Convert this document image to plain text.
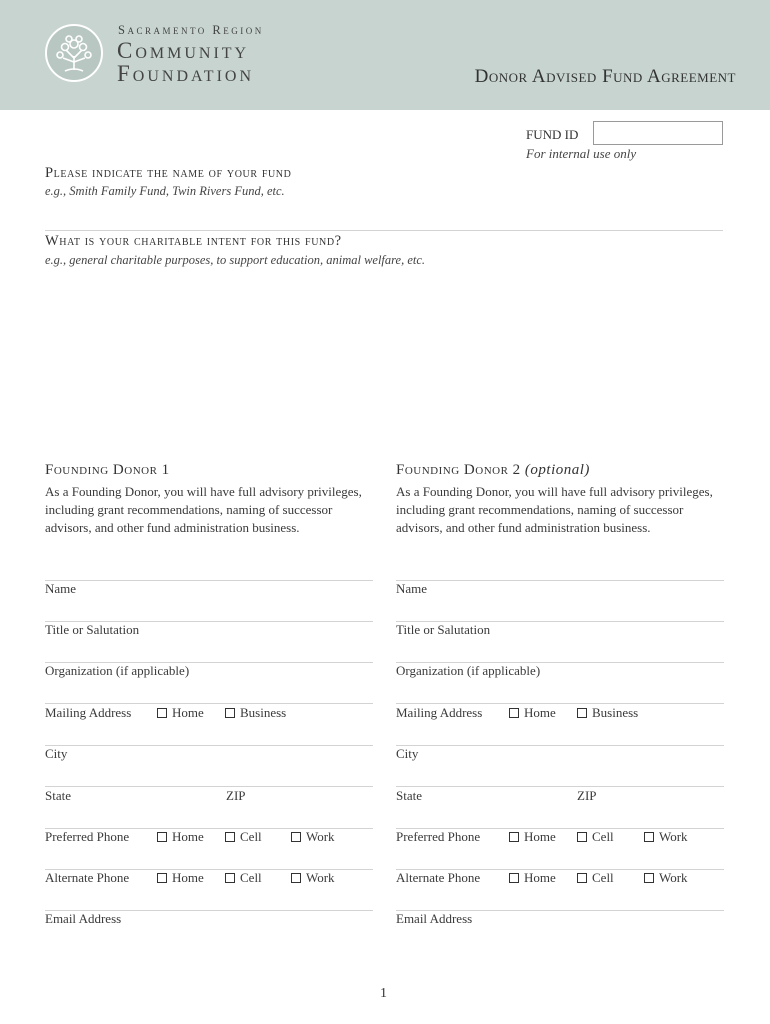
Sacramento Region
Community
Foundation	Donor Advised Fund Agreement
FUND ID
For internal use only
Please indicate the name of your fund
e.g., Smith Family Fund, Twin Rivers Fund, etc.
What is your charitable intent for this fund?
e.g., general charitable purposes, to support education, animal welfare, etc.
Founding Donor 1
As a Founding Donor, you will have full advisory privileges, including grant recommendations, naming of successor advisors, and other fund administration business.
Founding Donor 2 (optional)
As a Founding Donor, you will have full advisory privileges, including grant recommendations, naming of successor advisors, and other fund administration business.
Name
Title or Salutation
Organization (if applicable)
Mailing Address	Home	Business
City
State	ZIP
Preferred Phone	Home	Cell	Work
Alternate Phone	Home	Cell	Work
Email Address
Name
Title or Salutation
Organization (if applicable)
Mailing Address	Home	Business
City
State	ZIP
Preferred Phone	Home	Cell	Work
Alternate Phone	Home	Cell	Work
Email Address
1
